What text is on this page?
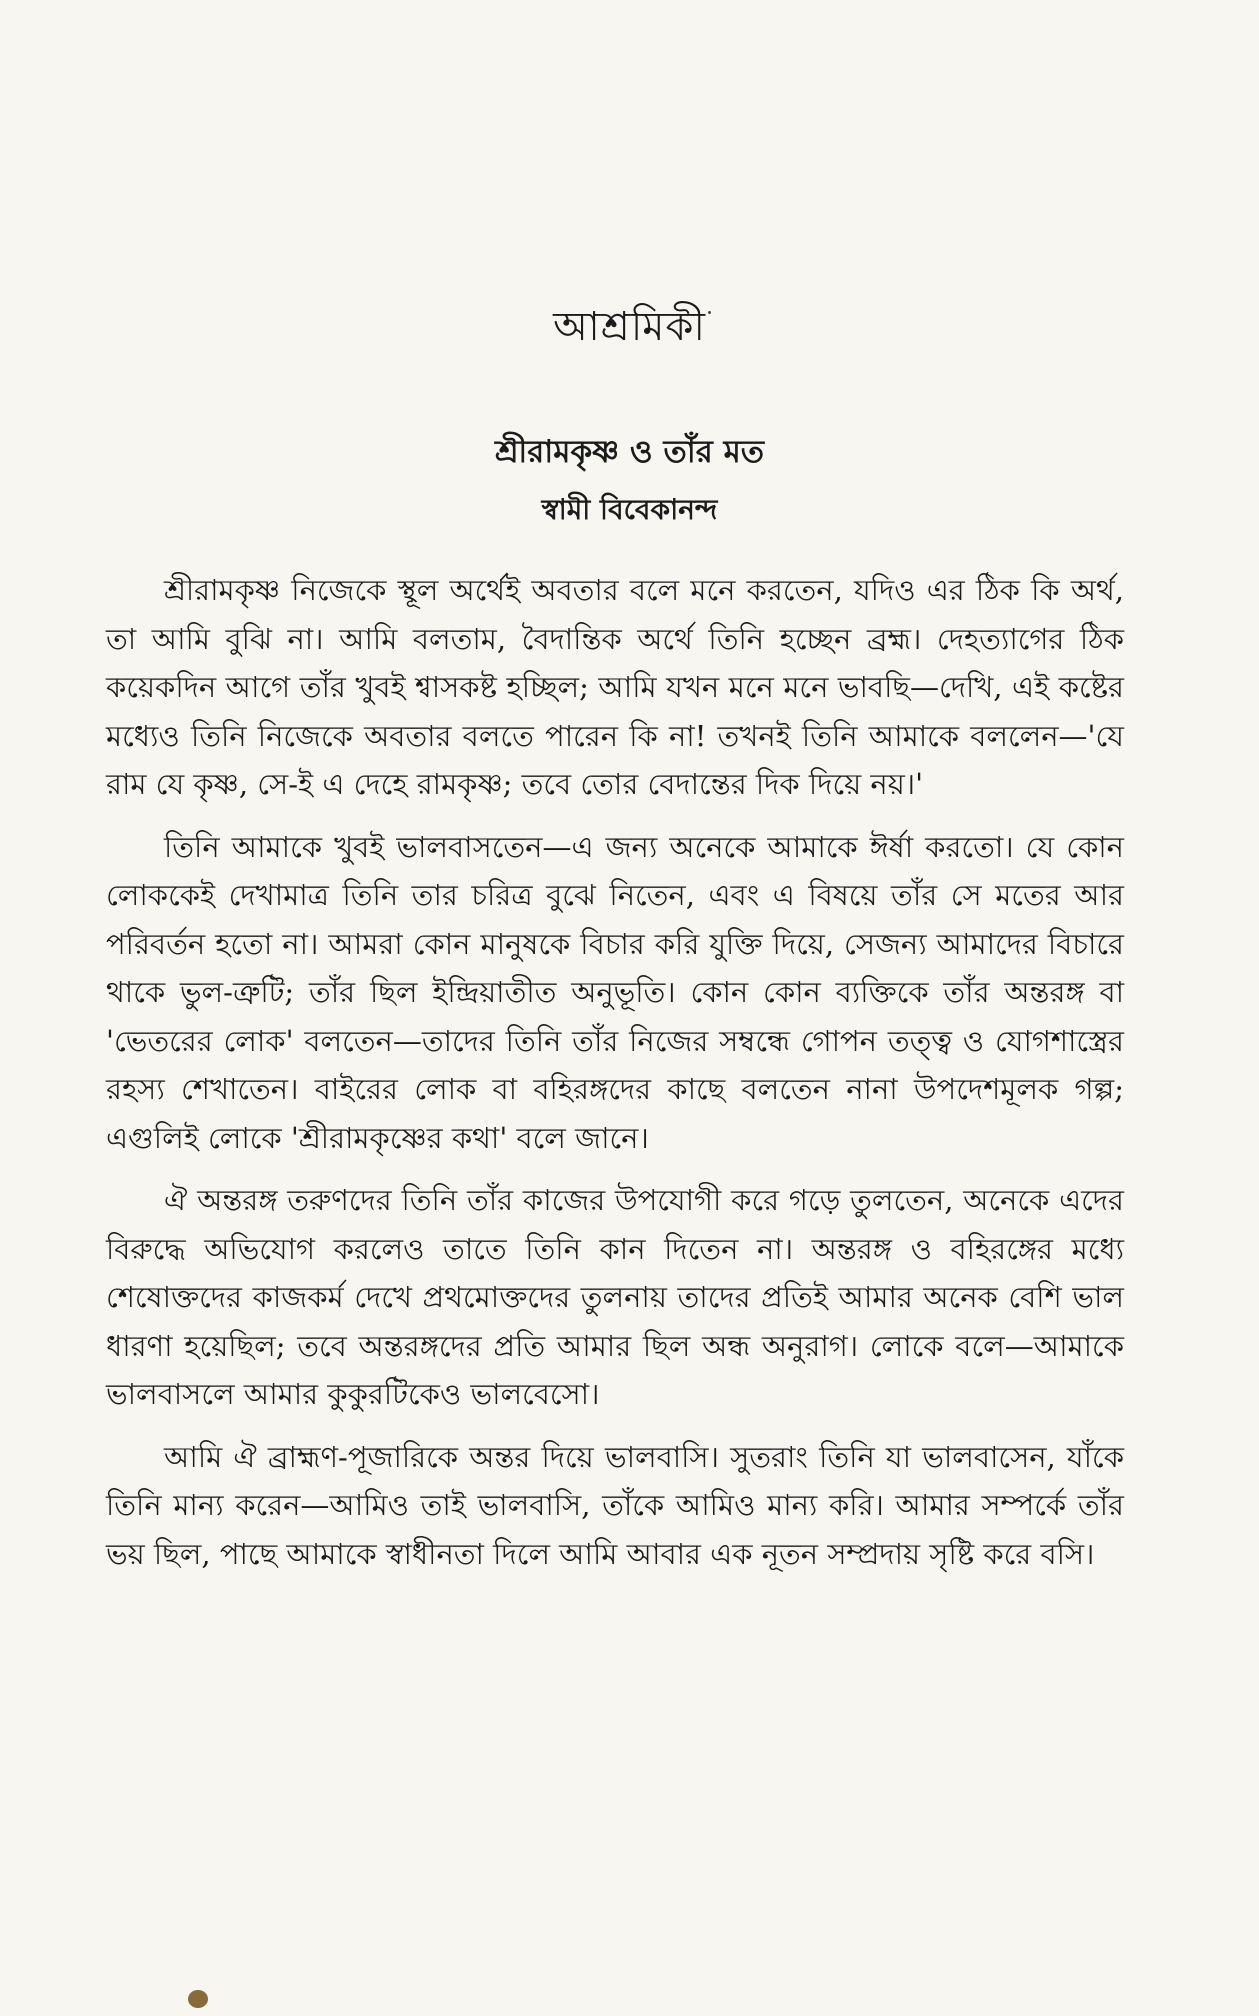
আশ্রমিকী
শ্রীরামকৃষ্ণ ও তাঁর মত
স্বামী বিবেকানন্দ

শ্রীরামকৃষ্ণ নিজেকে স্থূল অর্থেই অবতার বলে মনে করতেন, যদিও এর ঠিক কি অর্থ, তা আমি বুঝি না। আমি বলতাম, বৈদান্তিক অর্থে তিনি হচ্ছেন ব্রহ্ম। দেহত্যাগের ঠিক কয়েকদিন আগে তাঁর খুবই শ্বাসকষ্ট হচ্ছিল; আমি যখন মনে মনে ভাবছি—দেখি, এই কষ্টের মধ্যেও তিনি নিজেকে অবতার বলতে পারেন কি না! তখনই তিনি আমাকে বললেন—'যে রাম যে কৃষ্ণ, সে-ই এ দেহে রামকৃষ্ণ; তবে তোর বেদান্তের দিক দিয়ে নয়।'

তিনি আমাকে খুবই ভালবাসতেন—এ জন্য অনেকে আমাকে ঈর্ষা করতো। যে কোন লোককেই দেখামাত্র তিনি তার চরিত্র বুঝে নিতেন, এবং এ বিষয়ে তাঁর সে মতের আর পরিবর্তন হতো না। আমরা কোন মানুষকে বিচার করি যুক্তি দিয়ে, সেজন্য আমাদের বিচারে থাকে ভুল-ত্রুটি; তাঁর ছিল ইন্দ্রিয়াতীত অনুভূতি। কোন কোন ব্যক্তিকে তাঁর অন্তরঙ্গ বা 'ভেতরের লোক' বলতেন—তাদের তিনি তাঁর নিজের সম্বন্ধে গোপন তত্ত্ব ও যোগশাস্ত্রের রহস্য শেখাতেন। বাইরের লোক বা বহিরঙ্গদের কাছে বলতেন নানা উপদেশমূলক গল্প; এগুলিই লোকে 'শ্রীরামকৃষ্ণের কথা' বলে জানে।

ঐ অন্তরঙ্গ তরুণদের তিনি তাঁর কাজের উপযোগী করে গড়ে তুলতেন, অনেকে এদের বিরুদ্ধে অভিযোগ করলেও তাতে তিনি কান দিতেন না। অন্তরঙ্গ ও বহিরঙ্গের মধ্যে শেষোক্তদের কাজকর্ম দেখে প্রথমোক্তদের তুলনায় তাদের প্রতিই আমার অনেক বেশি ভাল ধারণা হয়েছিল; তবে অন্তরঙ্গদের প্রতি আমার ছিল অন্ধ অনুরাগ। লোকে বলে—আমাকে ভালবাসলে আমার কুকুরটিকেও ভালবেসো।

আমি ঐ ব্রাহ্মণ-পূজারিকে অন্তর দিয়ে ভালবাসি। সুতরাং তিনি যা ভালবাসেন, যাঁকে তিনি মান্য করেন—আমিও তাই ভালবাসি, তাঁকে আমিও মান্য করি। আমার সম্পর্কে তাঁর ভয় ছিল, পাছে আমাকে স্বাধীনতা দিলে আমি আবার এক নূতন সম্প্রদায় সৃষ্টি করে বসি।
